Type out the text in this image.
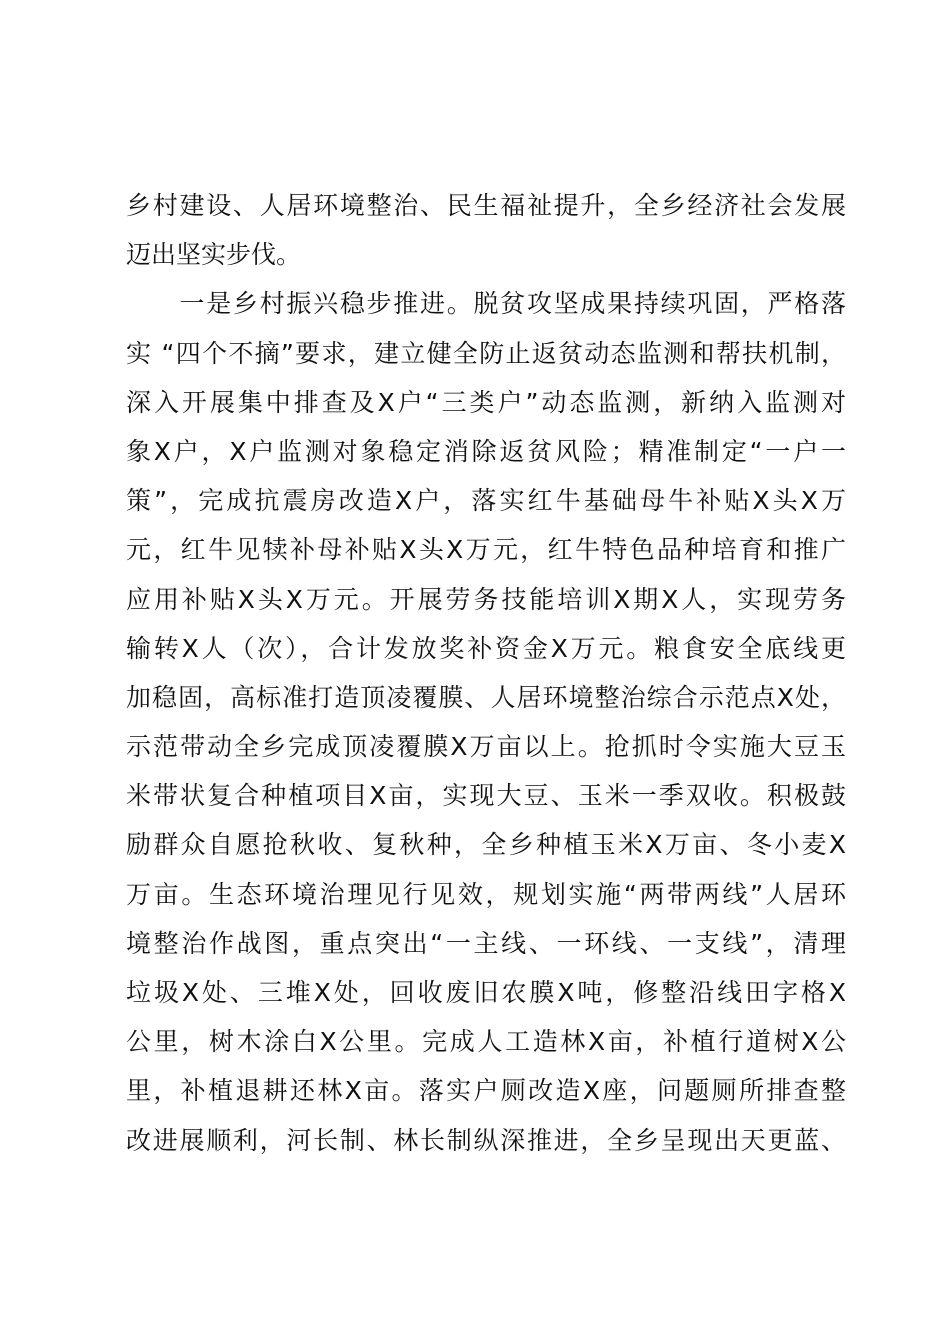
乡村建设、人居环境整治、民生福祉提升，全乡经济社会发展
迈出坚实步伐。
　　一是乡村振兴稳步推进。脱贫攻坚成果持续巩固，严格落
实 “四个不摘”要求，建立健全防止返贫动态监测和帮扶机制，
深入开展集中排查及X户“三类户”动态监测，新纳入监测对
象X户，X户监测对象稳定消除返贫风险；精准制定“一户一
策”，完成抗震房改造X户，落实红牛基础母牛补贴X头X万
元，红牛见犊补母补贴X头X万元，红牛特色品种培育和推广
应用补贴X头X万元。开展劳务技能培训X期X人，实现劳务
输转X人（次），合计发放奖补资金X万元。粮食安全底线更
加稳固，高标准打造顶凌覆膜、人居环境整治综合示范点X处，
示范带动全乡完成顶凌覆膜X万亩以上。抢抓时令实施大豆玉
米带状复合种植项目X亩，实现大豆、玉米一季双收。积极鼓
励群众自愿抢秋收、复秋种，全乡种植玉米X万亩、冬小麦X
万亩。生态环境治理见行见效，规划实施“两带两线”人居环
境整治作战图，重点突出“一主线、一环线、一支线”，清理
垃圾X处、三堆X处，回收废旧农膜X吨，修整沿线田字格X
公里，树木涂白X公里。完成人工造林X亩，补植行道树X公
里，补植退耕还林X亩。落实户厕改造X座，问题厕所排查整
改进展顺利，河长制、林长制纵深推进，全乡呈现出天更蓝、
